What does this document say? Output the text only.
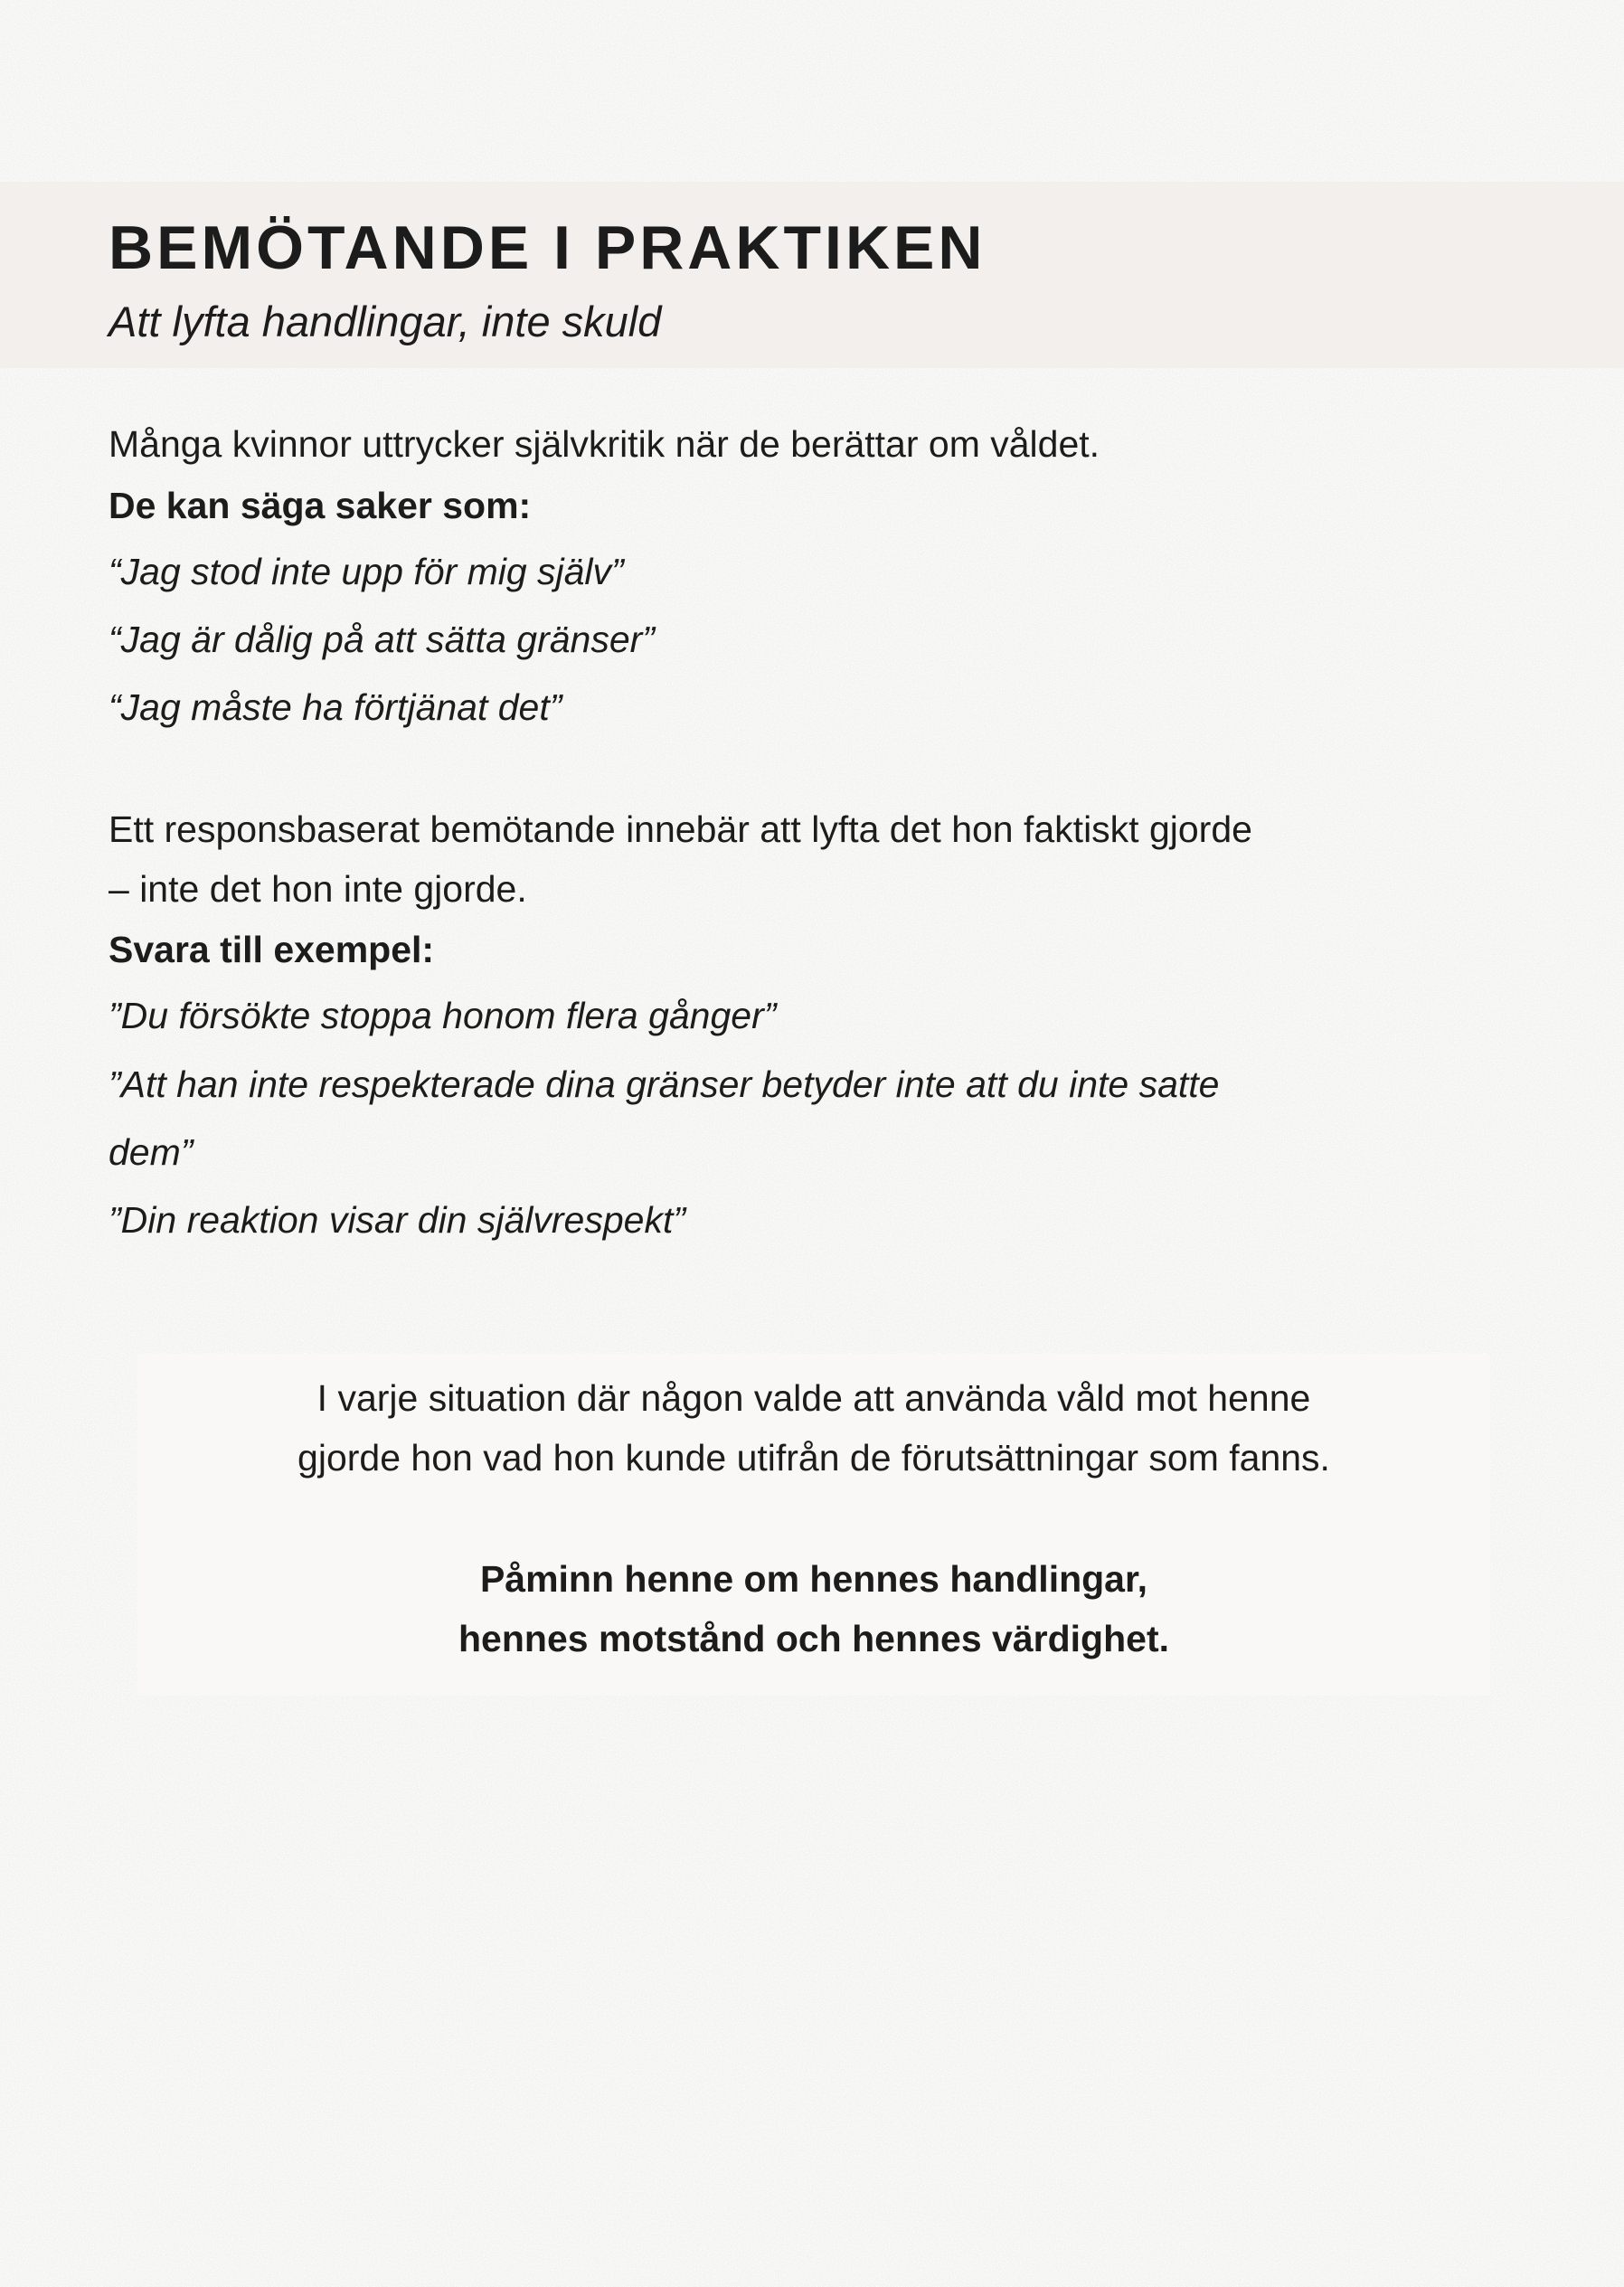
BEMÖTANDE I PRAKTIKEN

Att lyfta handlingar, inte skuld

Många kvinnor uttrycker självkritik när de berättar om våldet.

De kan säga saker som:

“Jag stod inte upp för mig själv”

“Jag är dålig på att sätta gränser”

“Jag måste ha förtjänat det”

Ett responsbaserat bemötande innebär att lyfta det hon faktiskt gjorde

– inte det hon inte gjorde.

Svara till exempel:

”Du försökte stoppa honom flera gånger”

”Att han inte respekterade dina gränser betyder inte att du inte satte

dem”

”Din reaktion visar din självrespekt”

I varje situation där någon valde att använda våld mot henne

gjorde hon vad hon kunde utifrån de förutsättningar som fanns.

Påminn henne om hennes handlingar,

hennes motstånd och hennes värdighet.
